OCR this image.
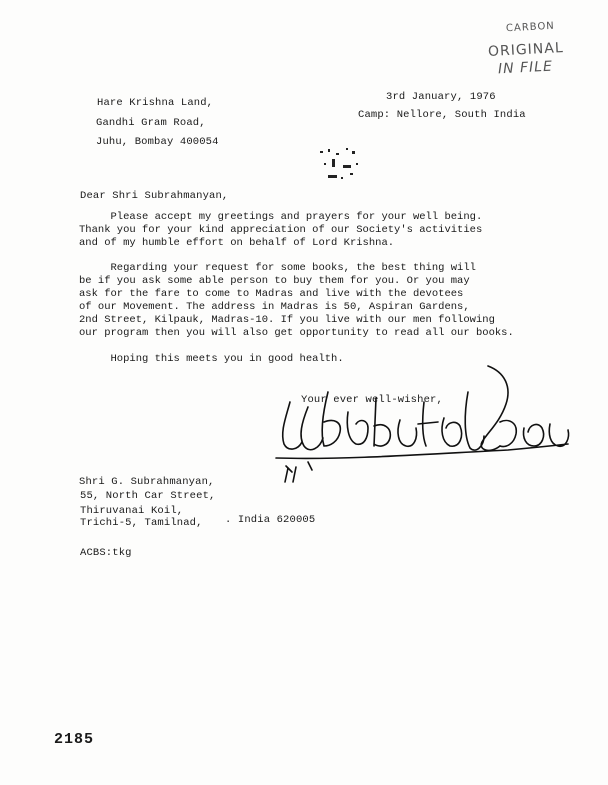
CARBON
ORIGINAL
IN FILE
Hare Krishna Land,
Gandhi Gram Road,
Juhu, Bombay 400054
3rd January, 1976
Camp: Nellore, South India
Dear Shri Subrahmanyan,
Please accept my greetings and prayers for your well being.
Thank you for your kind appreciation of our Society's activities
and of my humble effort on behalf of Lord Krishna.
Regarding your request for some books, the best thing will
be if you ask some able person to buy them for you. Or you may
ask for the fare to come to Madras and live with the devotees
of our Movement. The address in Madras is 50, Aspiran Gardens,
2nd Street, Kilpauk, Madras-10. If you live with our men following
our program then you will also get opportunity to read all our books.
Hoping this meets you in good health.
Your ever well-wisher,
Shri G. Subrahmanyan,
55, North Car Street,
Thiruvanai Koil,
Trichi-5, Tamilnad, . India 620005
ACBS:tkg
2185
